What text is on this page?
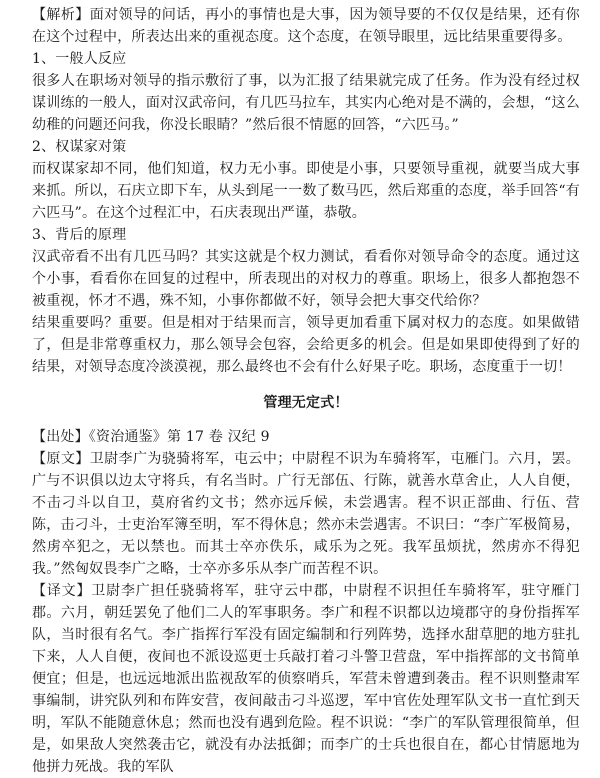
【解析】面对领导的问话，再小的事情也是大事，因为领导要的不仅仅是结果，还有你在这个过程中，所表达出来的重视态度。这个态度，在领导眼里，远比结果重要得多。

1、一般人反应

很多人在职场对领导的指示敷衍了事，以为汇报了结果就完成了任务。作为没有经过权谋训练的一般人，面对汉武帝问，有几匹马拉车，其实内心绝对是不满的，会想，“这么幼稚的问题还问我，你没长眼睛？”然后很不情愿的回答，“六匹马。”

2、权谋家对策

而权谋家却不同，他们知道，权力无小事。即使是小事，只要领导重视，就要当成大事来抓。所以，石庆立即下车，从头到尾一一数了数马匹，然后郑重的态度，举手回答“有六匹马”。在这个过程汇中，石庆表现出严谨，恭敬。

3、背后的原理

汉武帝看不出有几匹马吗？其实这就是个权力测试，看看你对领导命令的态度。通过这个小事，看看你在回复的过程中，所表现出的对权力的尊重。职场上，很多人都抱怨不被重视，怀才不遇，殊不知，小事你都做不好，领导会把大事交代给你？

结果重要吗？重要。但是相对于结果而言，领导更加看重下属对权力的态度。如果做错了，但是非常尊重权力，那么领导会包容，会给更多的机会。但是如果即使得到了好的结果，对领导态度冷淡漠视，那么最终也不会有什么好果子吃。职场，态度重于一切！

管理无定式！

【出处】《资治通鉴》第 17 卷 汉纪 9

【原文】卫尉李广为骁骑将军，屯云中；中尉程不识为车骑将军，屯雁门。六月，罢。广与不识俱以边太守将兵，有名当时。广行无部伍、行陈，就善水草舍止，人人自便，不击刁斗以自卫，莫府省约文书；然亦远斥候，未尝遇害。程不识正部曲、行伍、营陈，击刁斗，士吏治军簿至明，军不得休息；然亦未尝遇害。不识曰：“李广军极简易，然虏卒犯之，无以禁也。而其士卒亦佚乐，咸乐为之死。我军虽烦扰，然虏亦不得犯我。”然匈奴畏李广之略，士卒亦多乐从李广而苦程不识。

【译文】卫尉李广担任骁骑将军，驻守云中郡，中尉程不识担任车骑将军，驻守雁门郡。六月，朝廷罢免了他们二人的军事职务。李广和程不识都以边境郡守的身份指挥军队，当时很有名气。李广指挥行军没有固定编制和行列阵势，选择水甜草肥的地方驻扎下来，人人自便，夜间也不派设巡更士兵敲打着刁斗警卫营盘，军中指挥部的文书简单便宜；但是，也远远地派出监视敌军的侦察哨兵，军营未曾遭到袭击。程不识则整肃军事编制，讲究队列和布阵安营，夜间敲击刁斗巡逻，军中官佐处理军队文书一直忙到天明，军队不能随意休息；然而也没有遇到危险。程不识说：“李广的军队管理很简单，但是，如果敌人突然袭击它，就没有办法抵御；而李广的士兵也很自在，都心甘情愿地为他拼力死战。我的军队
